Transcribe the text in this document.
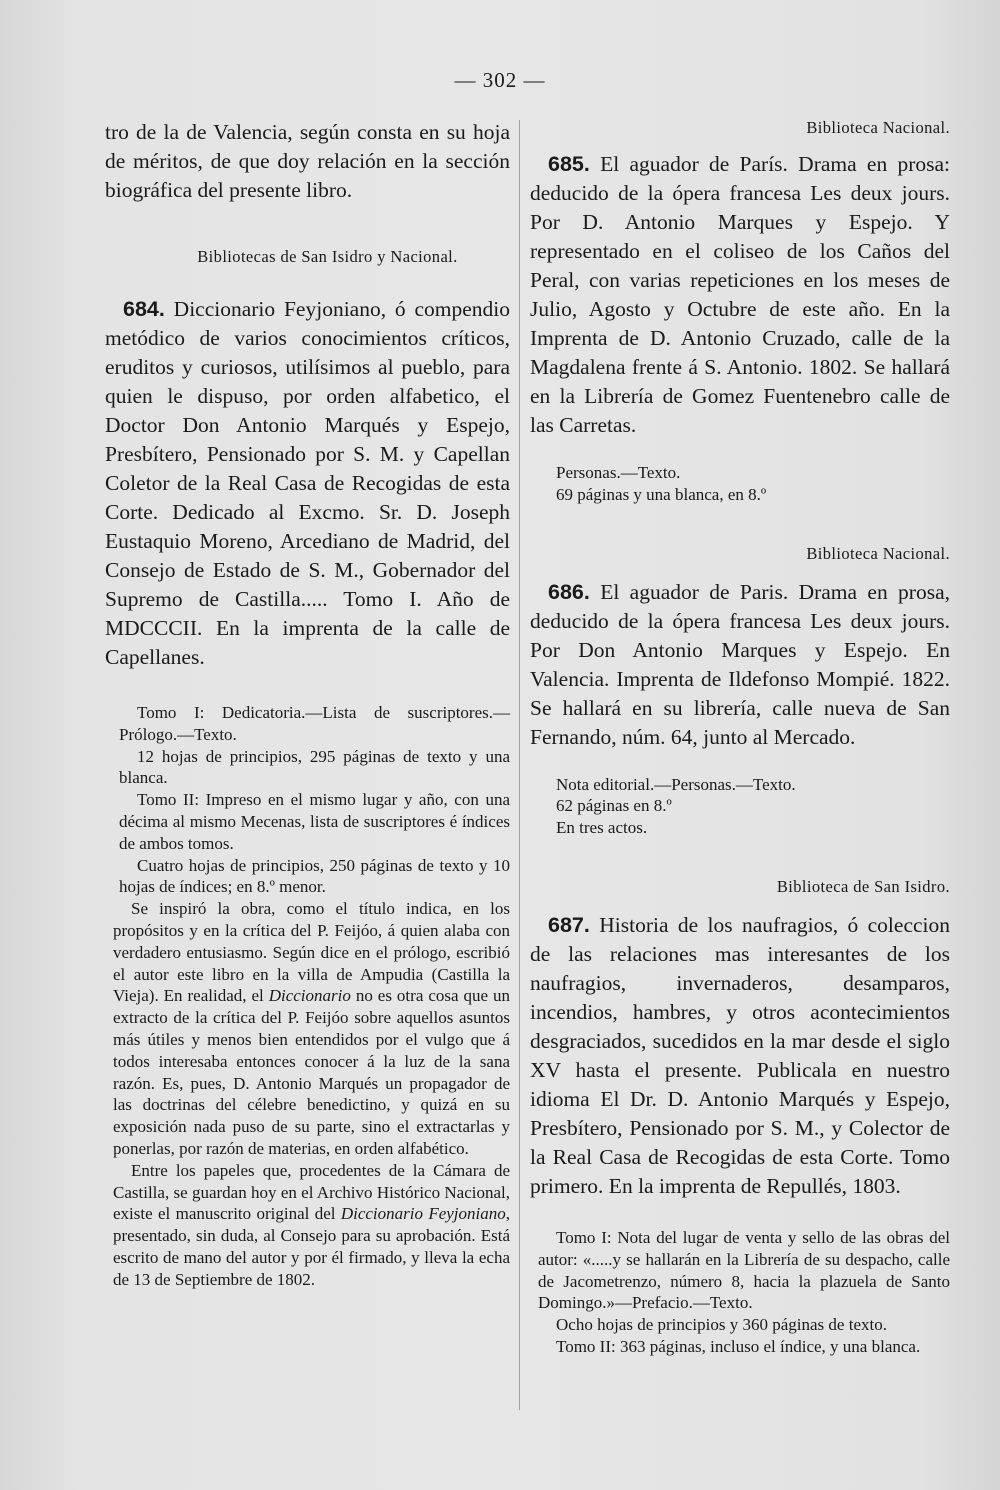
— 302 —

tro de la de Valencia, según consta en su hoja de méritos, de que doy relación en la sección biográfica del presente libro.

Bibliotecas de San Isidro y Nacional.

684. Diccionario Feyjoniano, ó compendio metódico de varios conocimientos críticos, eruditos y curiosos, utilísimos al pueblo, para quien le dispuso, por orden alfabetico, el Doctor Don Antonio Marqués y Espejo, Presbítero, Pensionado por S. M. y Capellan Coletor de la Real Casa de Recogidas de esta Corte. Dedicado al Excmo. Sr. D. Joseph Eustaquio Moreno, Arcediano de Madrid, del Consejo de Estado de S. M., Gobernador del Supremo de Castilla..... Tomo I. Año de MDCCCII. En la imprenta de la calle de Capellanes.

Tomo I: Dedicatoria.—Lista de suscriptores.—Prólogo.—Texto.

12 hojas de principios, 295 páginas de texto y una blanca.

Tomo II: Impreso en el mismo lugar y año, con una décima al mismo Mecenas, lista de suscriptores é índices de ambos tomos.

Cuatro hojas de principios, 250 páginas de texto y 10 hojas de índices; en 8.º menor.

Se inspiró la obra, como el título indica, en los propósitos y en la crítica del P. Feijóo, á quien alaba con verdadero entusiasmo. Según dice en el prólogo, escribió el autor este libro en la villa de Ampudia (Castilla la Vieja). En realidad, el Diccionario no es otra cosa que un extracto de la crítica del P. Feijóo sobre aquellos asuntos más útiles y menos bien entendidos por el vulgo que á todos interesaba entonces conocer á la luz de la sana razón. Es, pues, D. Antonio Marqués un propagador de las doctrinas del célebre benedictino, y quizá en su exposición nada puso de su parte, sino el extractarlas y ponerlas, por razón de materias, en orden alfabético.

Entre los papeles que, procedentes de la Cámara de Castilla, se guardan hoy en el Archivo Histórico Nacional, existe el manuscrito original del Diccionario Feyjoniano, presentado, sin duda, al Consejo para su aprobación. Está escrito de mano del autor y por él firmado, y lleva la echa de 13 de Septiembre de 1802.

Biblioteca Nacional.

685. El aguador de París. Drama en prosa: deducido de la ópera francesa Les deux jours. Por D. Antonio Marques y Espejo. Y representado en el coliseo de los Caños del Peral, con varias repeticiones en los meses de Julio, Agosto y Octubre de este año. En la Imprenta de D. Antonio Cruzado, calle de la Magdalena frente á S. Antonio. 1802. Se hallará en la Librería de Gomez Fuentenebro calle de las Carretas.

Personas.—Texto.

69 páginas y una blanca, en 8.º

Biblioteca Nacional.

686. El aguador de Paris. Drama en prosa, deducido de la ópera francesa Les deux jours. Por Don Antonio Marques y Espejo. En Valencia. Imprenta de Ildefonso Mompié. 1822. Se hallará en su librería, calle nueva de San Fernando, núm. 64, junto al Mercado.

Nota editorial.—Personas.—Texto.

62 páginas en 8.º

En tres actos.

Biblioteca de San Isidro.

687. Historia de los naufragios, ó coleccion de las relaciones mas interesantes de los naufragios, invernaderos, desamparos, incendios, hambres, y otros acontecimientos desgraciados, sucedidos en la mar desde el siglo XV hasta el presente. Publicala en nuestro idioma El Dr. D. Antonio Marqués y Espejo, Presbítero, Pensionado por S. M., y Colector de la Real Casa de Recogidas de esta Corte. Tomo primero. En la imprenta de Repullés, 1803.

Tomo I: Nota del lugar de venta y sello de las obras del autor: «.....y se hallarán en la Librería de su despacho, calle de Jacometrenzo, número 8, hacia la plazuela de Santo Domingo.»—Prefacio.—Texto.

Ocho hojas de principios y 360 páginas de texto.

Tomo II: 363 páginas, incluso el índice, y una blanca.
